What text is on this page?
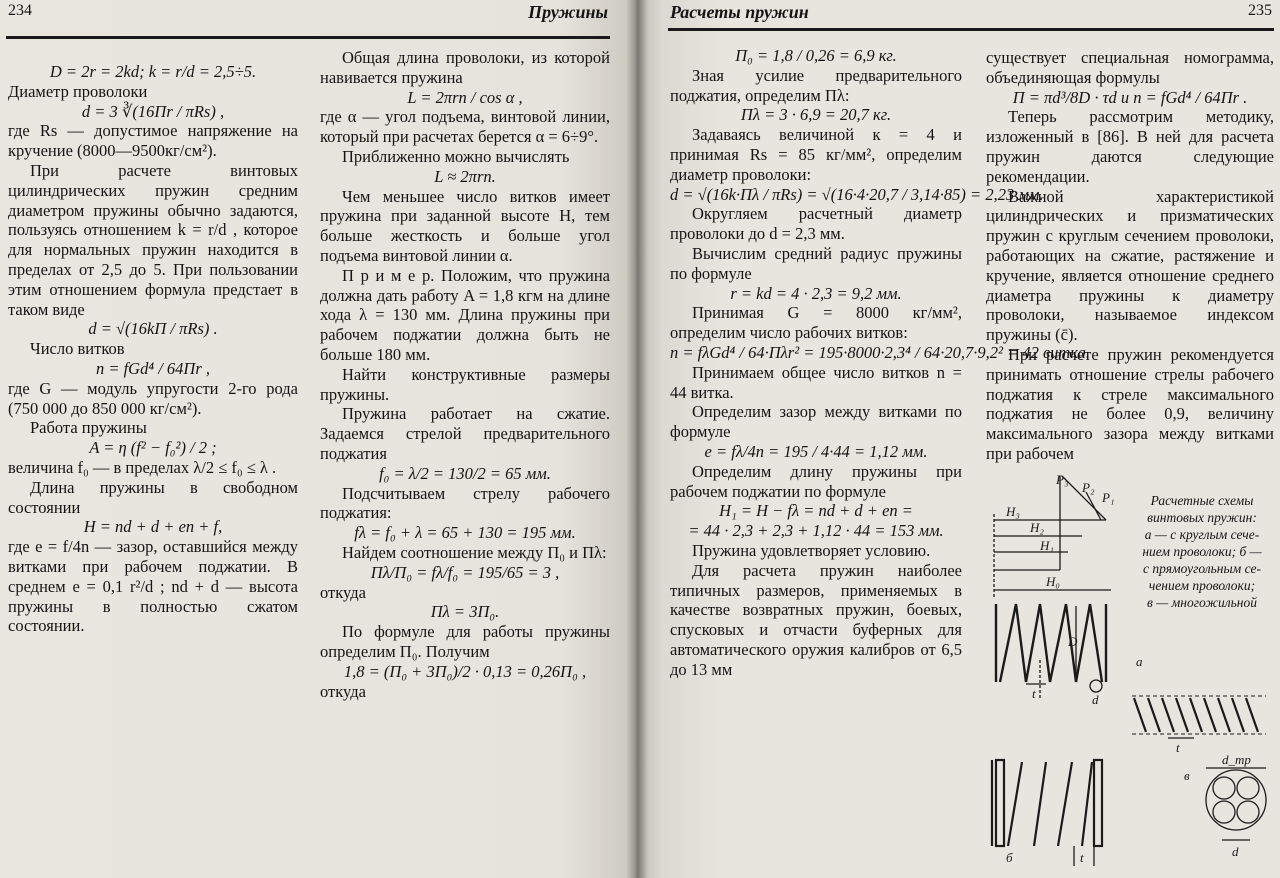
234	Пружины

D = 2r = 2kd; k = r/d = 2,5÷5.

Диаметр проволоки

d = 3 ∛(16Пr / πRs) ,

где Rs — допустимое напряжение на кручение (8000—9500кг/см²).

При расчете винтовых цилиндрических пружин средним диаметром пружины обычно задаются, пользуясь отношением k = r/d , которое для нормальных пружин находится в пределах от 2,5 до 5. При пользовании этим отношением формула предстает в таком виде

d = √(16kП / πRs) .

Число витков

n = fGd⁴ / 64Пr ,

где G — модуль упругости 2-го рода (750 000 до 850 000 кг/см²).

Работа пружины

A = η (f² − f₀²) / 2 ;

величина f₀ — в пределах λ/2 ≤ f₀ ≤ λ .

Длина пружины в свободном состоянии

H = nd + d + en + f,

где e = f/4n — зазор, оставшийся между витками при рабочем поджатии. В среднем e = 0,1 r²/d ; nd + d — высота пружины в полностью сжатом состоянии.

Общая длина проволоки, из которой навивается пружина

L = 2πrn / cos α ,

где α — угол подъема, винтовой линии, который при расчетах берется α = 6÷9°.

Приближенно можно вычислять

L ≈ 2πrn.

Чем меньшее число витков имеет пружина при заданной высоте H, тем больше жесткость и больше угол подъема винтовой линии α.

П р и м е р. Положим, что пружина должна дать работу A = 1,8 кгм на длине хода λ = 130 мм. Длина пружины при рабочем поджатии должна быть не больше 180 мм.

Найти конструктивные размеры пружины.

Пружина работает на сжатие. Задаемся стрелой предварительного поджатия

f₀ = λ/2 = 130/2 = 65 мм.

Подсчитываем стрелу рабочего поджатия:

fλ = f₀ + λ = 65 + 130 = 195 мм.

Найдем соотношение между П₀ и Пλ:

Пλ/П₀ = fλ/f₀ = 195/65 = 3 ,

откуда

Пλ = 3П₀.

По формуле для работы пружины определим П₀. Получим

1,8 = (П₀ + 3П₀)/2 · 0,13 = 0,26П₀ ,

откуда

Расчеты пружин	235

П₀ = 1,8 / 0,26 = 6,9 кг.

Зная усилие предварительного поджатия, определим Пλ:

Пλ = 3 · 6,9 = 20,7 кг.

Задаваясь величиной к = 4 и принимая Rs = 85 кг/мм², определим диаметр проволоки:

d = √(16k·Пλ / πRs) = √(16·4·20,7 / 3,14·85) = 2,23 мм.

Округляем расчетный диаметр проволоки до d = 2,3 мм.

Вычислим средний радиус пружины по формуле

r = kd = 4 · 2,3 = 9,2 мм.

Принимая G = 8000 кг/мм², определим число рабочих витков:

n = fλGd⁴ / 64·Пλr² = 195·8000·2,3⁴ / 64·20,7·9,2² = 42 витка.

Принимаем общее число витков n = 44 витка.

Определим зазор между витками по формуле

e = fλ/4n = 195 / 4·44 = 1,12 мм.

Определим длину пружины при рабочем поджатии по формуле

H₁ = H − fλ = nd + d + en =

= 44 · 2,3 + 2,3 + 1,12 · 44 = 153 мм.

Пружина удовлетворяет условию.

Для расчета пружин наиболее типичных размеров, применяемых в качестве возвратных пружин, боевых, спусковых и отчасти буферных для автоматического оружия калибров от 6,5 до 13 мм

существует специальная номограмма, объединяющая формулы

П = πd³/8D · τd и n = fGd⁴ / 64Пr .

Теперь рассмотрим методику, изложенный в [86]. В ней для расчета пружин даются следующие рекомендации.

Важной характеристикой цилиндрических и призматических пружин с круглым сечением проволоки, работающих на сжатие, растяжение и кручение, является отношение среднего диаметра пружины к диаметру проволоки, называемое индексом пружины (c̄).

При расчете пружин рекомендуется принимать отношение стрелы рабочего поджатия к стреле максимального поджатия не более 0,9, величину максимального зазора между витками при рабочем

Расчетные схемы
винтовых пружин:
а — с круглым сече-
нием проволоки; б —
с прямоугольным се-
чением проволоки;
в — многожильной
H₃
H₂
H₁
H₀
P₃
P₂
P₁
D
t	d
а
t
б	t
в
d_тр
d
